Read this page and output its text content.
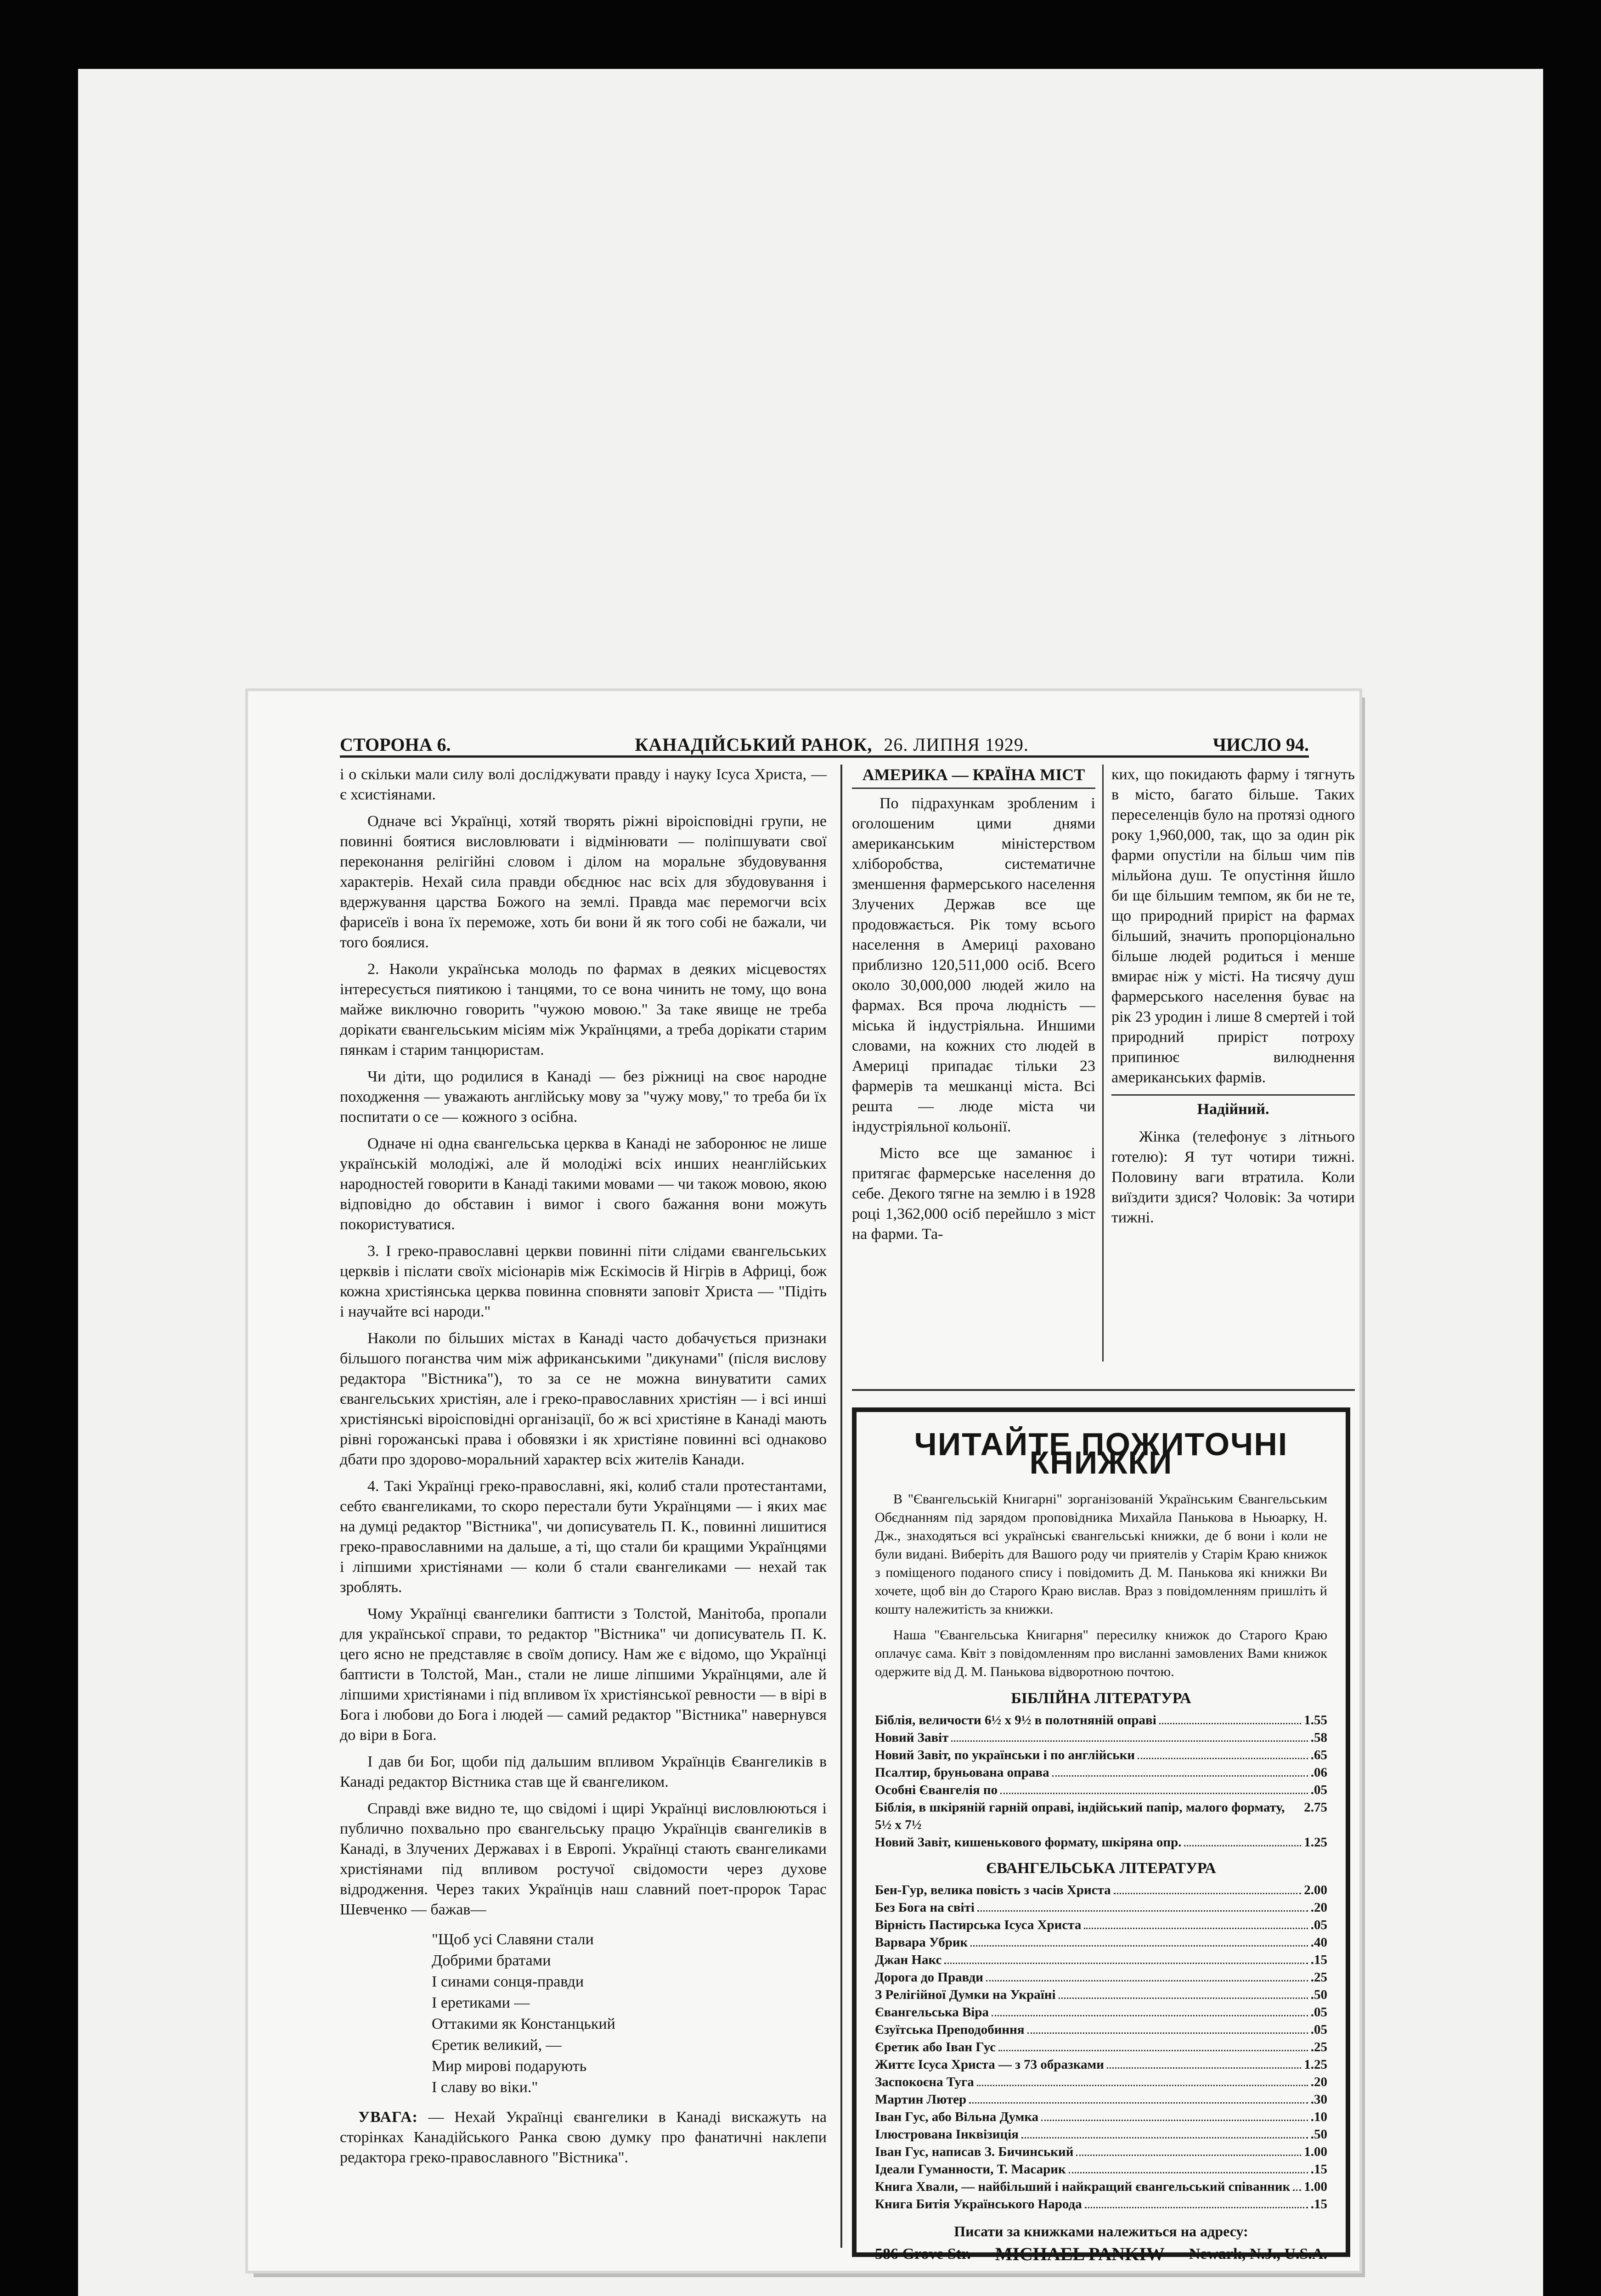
СТОРОНА 6.	КАНАДІЙСЬКИЙ РАНОК, 26. ЛИПНЯ 1929.	ЧИСЛО 94.

і о скільки мали силу волі досліджувати правду і науку Ісуса Христа, — є хсистіянами.

Одначе всі Українці, хотяй творять ріжні віроісповідні групи, не повинні боятися висловлювати і відмінювати — поліпшувати свої переконання релігійні словом і ділом на моральне збудовування характерів. Нехай сила правди обєднює нас всіх для збудовування і вдержування царства Божого на землі. Правда має перемогчи всіх фарисеїв і вона їх переможе, хоть би вони й як того собі не бажали, чи того боялися.

2. Наколи українська молодь по фармах в деяких місцевостях інтересується пиятикою і танцями, то се вона чинить не тому, що вона майже виключно говорить "чужою мовою." За таке явище не треба дорікати євангельським місіям між Українцями, а треба дорікати старим пянкам і старим танцюристам.

Чи діти, що родилися в Канаді — без ріжниці на своє народне походження — уважають англійську мову за "чужу мову," то треба би їх поспитати о се — кожного з осібна.

Одначе ні одна євангельська церква в Канаді не заборонює не лише українській молодіжі, але й молодіжі всіх инших неанглійських народностей говорити в Канаді такими мовами — чи також мовою, якою відповідно до обставин і вимог і свого бажання вони можуть покористуватися.

3. І греко-православні церкви повинні піти слідами євангельських церквів і післати своїх місіонарів між Ескімосів й Нігрів в Африці, бож кожна христіянська церква повинна сповняти заповіт Христа — "Підіть і научайте всі народи."

Наколи по більших містах в Канаді часто добачується признаки більшого поганства чим між африканськими "дикунами" (після висловy редактора "Вістника"), то за се не можна винуватити самих євангельських христіян, але і греко-православних христіян — і всі инші христіянські віроісповідні організації, бо ж всі христіяне в Канаді мають рівні горожанські права і обовязки і як христіяне повинні всі однаково дбати про здорово-моральний характер всіх жителів Канади.

4. Такі Українці греко-православні, які, колиб стали протестантами, себто євангеликами, то скоро перестали бути Українцями — і яких має на думці редактор "Вістника", чи дописуватель П. К., повинні лишитися греко-православними на дальше, а ті, що стали би кращими Українцями і ліпшими христіянами — коли б стали євангеликами — нехай так зроблять.

Чому Українці євангелики баптисти з Толстой, Манітоба, пропали для української справи, то редактор "Вістника" чи дописуватель П. К. цего ясно не представляє в своїм допису. Нам же є відомо, що Українці баптисти в Толстой, Ман., стали не лише ліпшими Українцями, але й ліпшими христіянами і під впливом їх христіянської ревности — в вірі в Бога і любови до Бога і людей — самий редактор "Вістника" навернувся до віри в Бога.

І дав би Бог, щоби під дальшим впливом Українців Євангеликів в Канаді редактор Вістника став ще й євангеликом.

Справді вже видно те, що свідомі і щирі Українці висловлюються і публично похвально про євангельську працю Українців євангеликів в Канаді, в Злучених Державах і в Европі. Українці стають євангеликами христіянами під впливом ростучої свідомости через духове відродження. Через таких Українців наш славний поет-пророк Тарас Шевченко — бажав—

"Щоб усі Славяни стали
Добрими братами
І синами сонця-правди
І еретиками —
Оттакими як Констанцький
Єретик великий, —
Мир мирові подарують
І славу во віки."
УВАГА: — Нехай Українці євангелики в Канаді вискажуть на сторінках Канадійського Ранка свою думку про фанатичні наклепи редактора греко-православного "Вістника".
АМЕРИКА — КРАЇНА МІСТ

По підрахункам зробленим і оголошеним цими днями американським міністерством хліборобства, систематичне зменшення фармерського населення Злучених Держав все ще продовжається. Рік тому всього населення в Америці раховано приблизно 120,511,000 осіб. Всего около 30,000,000 людей жило на фармах. Вся проча людність — міська й індустріяльна. Иншими словами, на кожних сто людей в Америці припадає тільки 23 фармерів та мешканці міста. Всі решта — люде міста чи індустріяльної кольонії.

Місто все ще заманює і притягає фармерське населення до себе. Декого тягне на землю і в 1928 році 1,362,000 осіб перейшло з міст на фарми. Та-

ких, що покидають фарму і тягнуть в місто, багато більше. Таких переселенців було на протязі одного року 1,960,000, так, що за один рік фарми опустіли на більш чим пів мільйона душ. Те опустіння йшло би ще більшим темпом, як би не те, що природний приріст на фармах більший, значить пропорціонально більше людей родиться і менше вмирає ніж у місті. На тисячу душ фармерського населення буває на рік 23 уродин і лише 8 смертей і той природний приріст потроху припинює вилюднення американських фармів.

Надійний.

Жінка (телефонує з літнього готелю): Я тут чотири тижні. Половину ваги втратила. Коли виїздити здися? Чоловік: За чотири тижні.

ЧИТАЙТЕ ПОЖИТОЧНІ КНИЖКИ

В "Євангельській Книгарні" зорганізованій Українським Євангельським Обєднанням під зарядом проповідника Михайла Панькова в Ньюарку, Н. Дж., знаходяться всі українські євангельські книжки, де б вони і коли не були видані. Виберіть для Вашого роду чи приятелів у Старім Краю книжок з поміщеного поданого спису і повідомить Д. М. Панькова які книжки Ви хочете, щоб він до Старого Краю вислав. Враз з повідомленням пришліть й кошту належитість за книжки.

Наша "Євангельська Книгарня" пересилку книжок до Старого Краю оплачує сама. Квіт з повідомленням про висланні замовлених Вами книжок одержите від Д. М. Панькова відворотною почтою.

БІБЛІЙНА ЛІТЕРАТУРА
Біблія, величости 6½ х 9½ в полотняній оправі	1.55
Новий Завіт	.58
Новий Завіт, по українськи і по англійськи	.65
Псалтир, бруньована оправа	.06
Особні Євангелія по	.05
Біблія, в шкіряній гарній оправі, індійський папір, малого формату, 5½ х 7½
2.75
Новий Завіт, кишенькового формату, шкіряна опр.	1.25
ЄВАНГЕЛЬСЬКА ЛІТЕРАТУРА
Бен-Гур, велика повість з часів Христа	2.00
Без Бога на світі	.20
Вірність Пастирська Ісуса Христа	.05
Варвара Убрик	.40
Джан Накс	.15
Дорога до Правди	.25
З Релігійної Думки на Україні	.50
Євангельська Віра	.05
Єзуїтська Преподобиння	.05
Єретик або Іван Гус	.25
Життє Ісуса Христа — з 73 образками	1.25
Заспокоєна Туга	.20
Мартин Лютер	.30
Іван Гус, або Вільна Думка	.10
Ілюстрована Інквізиція	.50
Іван Гус, написав З. Бичинський	1.00
Ідеали Гуманности, Т. Масарик	.15
Книга Хвали, — найбільший і найкращий євангельський співанник 1.00
Книга Битія Українського Народа	.15
Писати за книжками належиться на адресу:
586 Grove Str. MICHAEL PANKIW Newark, N.J., U.S.A.
